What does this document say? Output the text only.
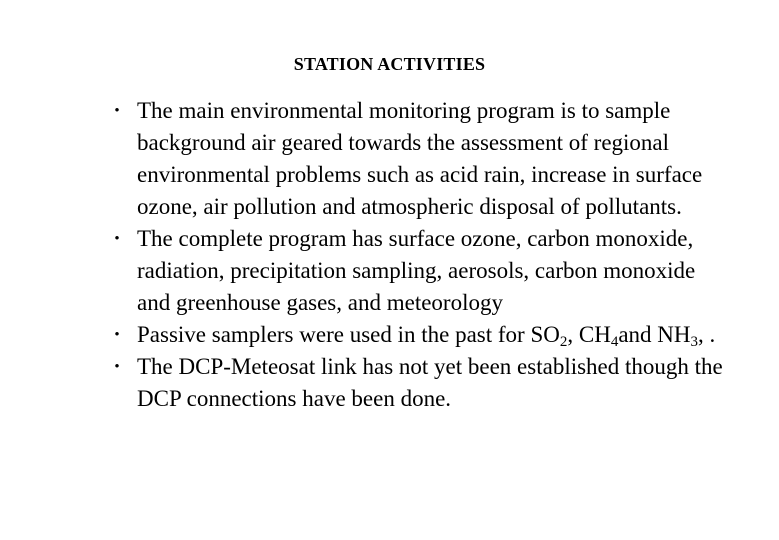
STATION ACTIVITIES
• The main environmental monitoring program is to sample background air geared towards the assessment of regional environmental problems such as acid rain, increase in surface ozone, air pollution and atmospheric disposal of pollutants.
• The complete program has surface ozone, carbon monoxide, radiation, precipitation sampling, aerosols, carbon monoxide and greenhouse gases, and meteorology
• Passive samplers were used in the past for $SO_2$, $CH_4and$ $NH_3$, .
• The DCP-Meteosat link has not yet been established though the DCP connections have been done.
